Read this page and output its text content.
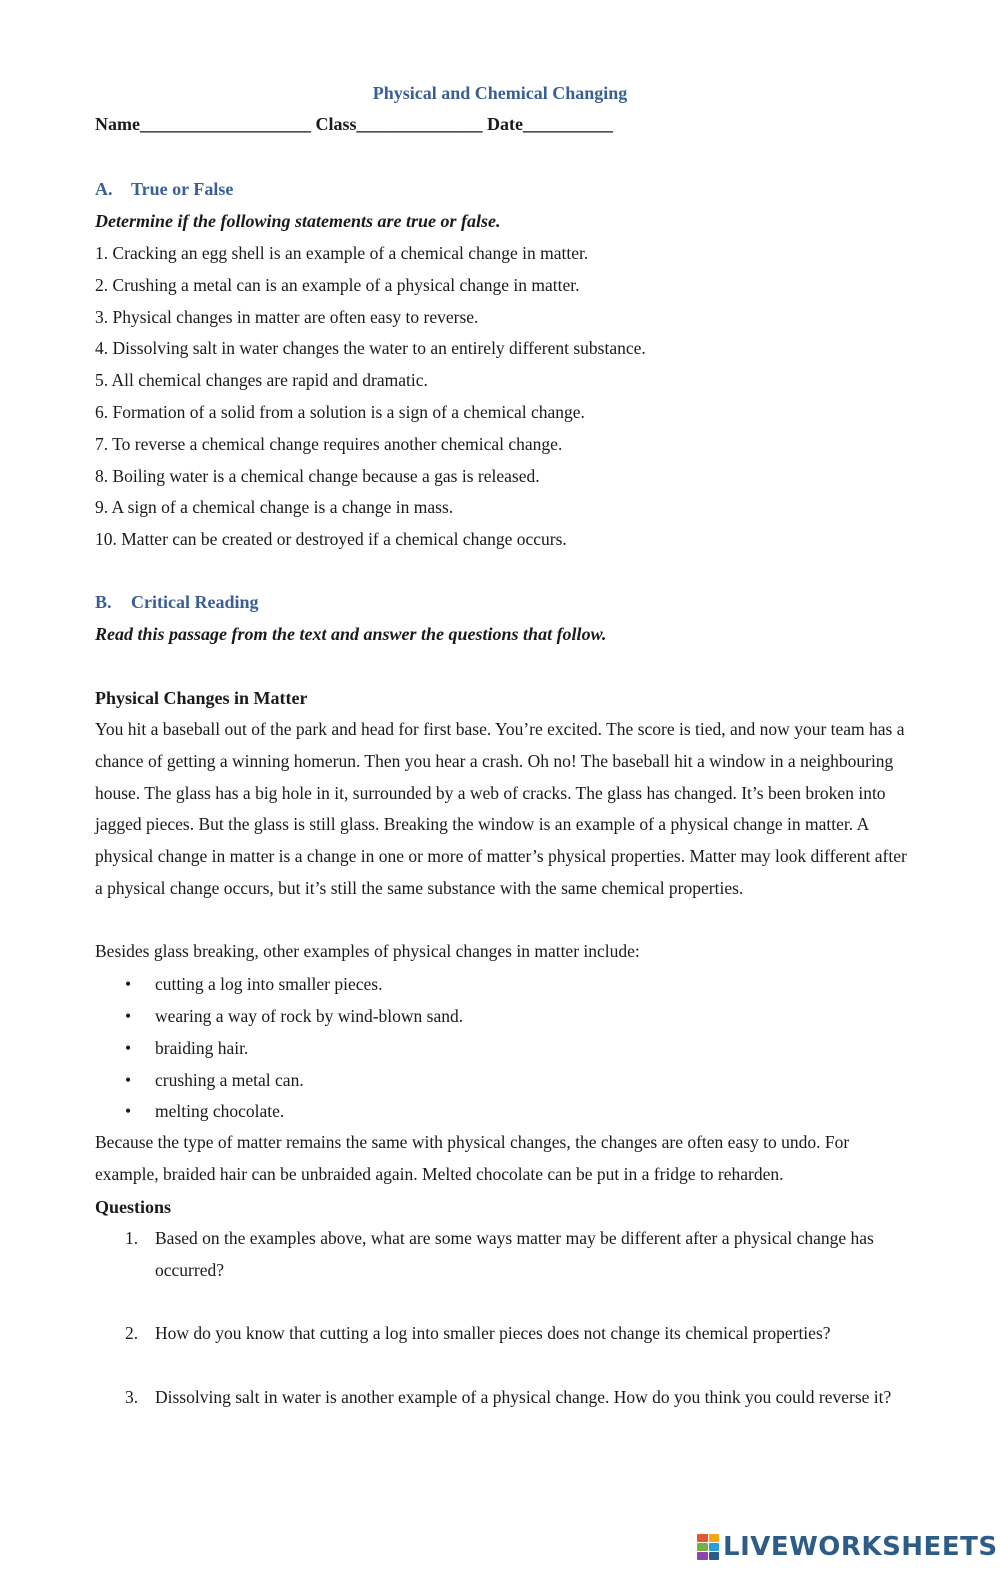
Physical and Chemical Changing
Name___________________ Class______________ Date__________
A. True or False
Determine if the following statements are true or false.
1. Cracking an egg shell is an example of a chemical change in matter.
2. Crushing a metal can is an example of a physical change in matter.
3. Physical changes in matter are often easy to reverse.
4. Dissolving salt in water changes the water to an entirely different substance.
5. All chemical changes are rapid and dramatic.
6. Formation of a solid from a solution is a sign of a chemical change.
7. To reverse a chemical change requires another chemical change.
8. Boiling water is a chemical change because a gas is released.
9. A sign of a chemical change is a change in mass.
10. Matter can be created or destroyed if a chemical change occurs.
B. Critical Reading
Read this passage from the text and answer the questions that follow.
Physical Changes in Matter
You hit a baseball out of the park and head for first base. You’re excited. The score is tied, and now your team has a chance of getting a winning homerun. Then you hear a crash. Oh no! The baseball hit a window in a neighbouring house. The glass has a big hole in it, surrounded by a web of cracks. The glass has changed. It’s been broken into jagged pieces. But the glass is still glass. Breaking the window is an example of a physical change in matter. A physical change in matter is a change in one or more of matter’s physical properties. Matter may look different after a physical change occurs, but it’s still the same substance with the same chemical properties.
Besides glass breaking, other examples of physical changes in matter include:
• cutting a log into smaller pieces.
• wearing a way of rock by wind-blown sand.
• braiding hair.
• crushing a metal can.
• melting chocolate.
Because the type of matter remains the same with physical changes, the changes are often easy to undo. For example, braided hair can be unbraided again. Melted chocolate can be put in a fridge to reharden.
Questions
1. Based on the examples above, what are some ways matter may be different after a physical change has occurred?
2. How do you know that cutting a log into smaller pieces does not change its chemical properties?
3. Dissolving salt in water is another example of a physical change. How do you think you could reverse it?
LIVEWORKSHEETS
